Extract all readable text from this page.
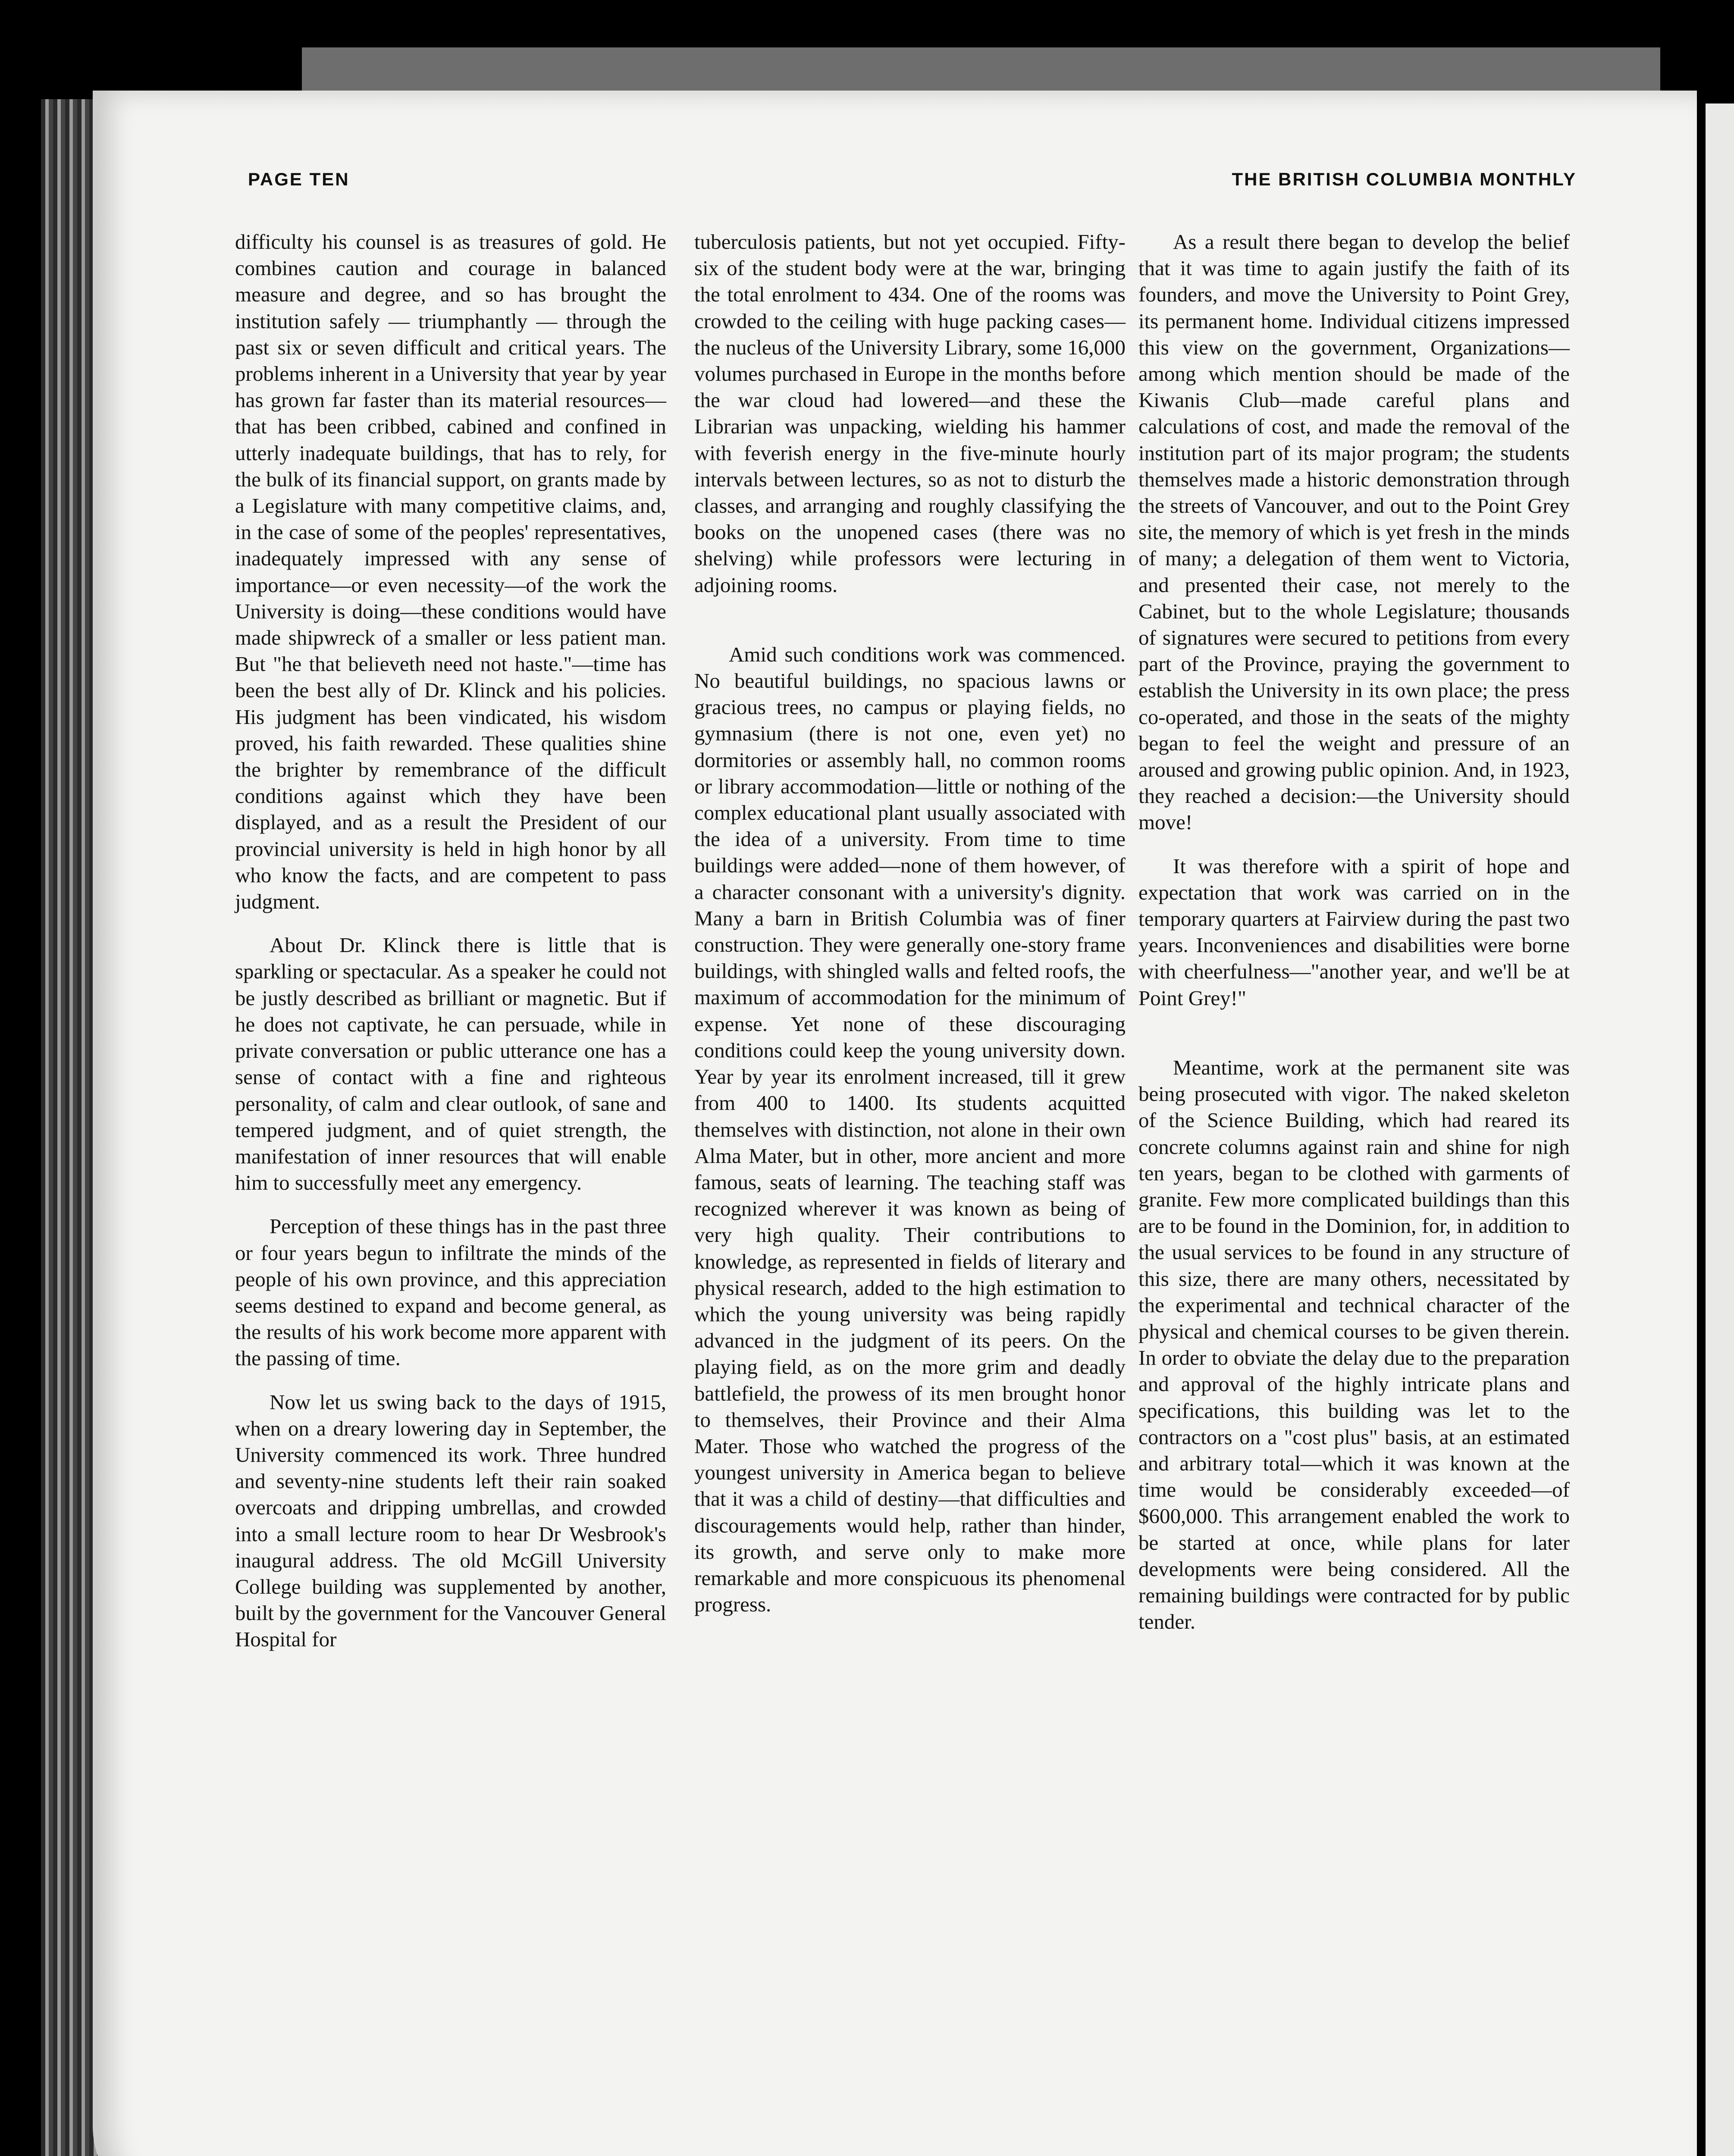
PAGE TEN	THE BRITISH COLUMBIA MONTHLY

difficulty his counsel is as treasures of gold. He combines caution and courage in balanced measure and degree, and so has brought the institution safely — triumphantly — through the past six or seven difficult and critical years. The problems inherent in a University that year by year has grown far faster than its material resources—that has been cribbed, cabined and confined in utterly inadequate buildings, that has to rely, for the bulk of its financial support, on grants made by a Legislature with many competitive claims, and, in the case of some of the peoples' representatives, inadequately impressed with any sense of importance—or even necessity—of the work the University is doing—these conditions would have made shipwreck of a smaller or less patient man. But "he that believeth need not haste."—time has been the best ally of Dr. Klinck and his policies. His judgment has been vindicated, his wisdom proved, his faith rewarded. These qualities shine the brighter by remembrance of the difficult conditions against which they have been displayed, and as a result the President of our provincial university is held in high honor by all who know the facts, and are competent to pass judgment.

About Dr. Klinck there is little that is sparkling or spectacular. As a speaker he could not be justly described as brilliant or magnetic. But if he does not captivate, he can persuade, while in private conversation or public utterance one has a sense of contact with a fine and righteous personality, of calm and clear outlook, of sane and tempered judgment, and of quiet strength, the manifestation of inner resources that will enable him to successfully meet any emergency.

Perception of these things has in the past three or four years begun to infiltrate the minds of the people of his own province, and this appreciation seems destined to expand and become general, as the results of his work become more apparent with the passing of time.

Now let us swing back to the days of 1915, when on a dreary lowering day in September, the University commenced its work. Three hundred and seventy-nine students left their rain soaked overcoats and dripping umbrellas, and crowded into a small lecture room to hear Dr Wesbrook's inaugural address. The old McGill University College building was supplemented by another, built by the government for the Vancouver General Hospital for

tuberculosis patients, but not yet occupied. Fifty-six of the student body were at the war, bringing the total enrolment to 434. One of the rooms was crowded to the ceiling with huge packing cases—the nucleus of the University Library, some 16,000 volumes purchased in Europe in the months before the war cloud had lowered—and these the Librarian was unpacking, wielding his hammer with feverish energy in the five-minute hourly intervals between lectures, so as not to disturb the classes, and arranging and roughly classifying the books on the unopened cases (there was no shelving) while professors were lecturing in adjoining rooms.

Amid such conditions work was commenced. No beautiful buildings, no spacious lawns or gracious trees, no campus or playing fields, no gymnasium (there is not one, even yet) no dormitories or assembly hall, no common rooms or library accommodation—little or nothing of the complex educational plant usually associated with the idea of a university. From time to time buildings were added—none of them however, of a character consonant with a university's dignity. Many a barn in British Columbia was of finer construction. They were generally one-story frame buildings, with shingled walls and felted roofs, the maximum of accommodation for the minimum of expense. Yet none of these discouraging conditions could keep the young university down. Year by year its enrolment increased, till it grew from 400 to 1400. Its students acquitted themselves with distinction, not alone in their own Alma Mater, but in other, more ancient and more famous, seats of learning. The teaching staff was recognized wherever it was known as being of very high quality. Their contributions to knowledge, as represented in fields of literary and physical research, added to the high estimation to which the young university was being rapidly advanced in the judgment of its peers. On the playing field, as on the more grim and deadly battlefield, the prowess of its men brought honor to themselves, their Province and their Alma Mater. Those who watched the progress of the youngest university in America began to believe that it was a child of destiny—that difficulties and discouragements would help, rather than hinder, its growth, and serve only to make more remarkable and more conspicuous its phenomenal progress.

As a result there began to develop the belief that it was time to again justify the faith of its founders, and move the University to Point Grey, its permanent home. Individual citizens impressed this view on the government, Organizations—among which mention should be made of the Kiwanis Club—made careful plans and calculations of cost, and made the removal of the institution part of its major program; the students themselves made a historic demonstration through the streets of Vancouver, and out to the Point Grey site, the memory of which is yet fresh in the minds of many; a delegation of them went to Victoria, and presented their case, not merely to the Cabinet, but to the whole Legislature; thousands of signatures were secured to petitions from every part of the Province, praying the government to establish the University in its own place; the press co-operated, and those in the seats of the mighty began to feel the weight and pressure of an aroused and growing public opinion. And, in 1923, they reached a decision:—the University should move!

It was therefore with a spirit of hope and expectation that work was carried on in the temporary quarters at Fairview during the past two years. Inconveniences and disabilities were borne with cheerfulness—"another year, and we'll be at Point Grey!"

Meantime, work at the permanent site was being prosecuted with vigor. The naked skeleton of the Science Building, which had reared its concrete columns against rain and shine for nigh ten years, began to be clothed with garments of granite. Few more complicated buildings than this are to be found in the Dominion, for, in addition to the usual services to be found in any structure of this size, there are many others, necessitated by the experimental and technical character of the physical and chemical courses to be given therein. In order to obviate the delay due to the preparation and approval of the highly intricate plans and specifications, this building was let to the contractors on a "cost plus" basis, at an estimated and arbitrary total—which it was known at the time would be considerably exceeded—of $600,000. This arrangement enabled the work to be started at once, while plans for later developments were being considered. All the remaining buildings were contracted for by public tender.
